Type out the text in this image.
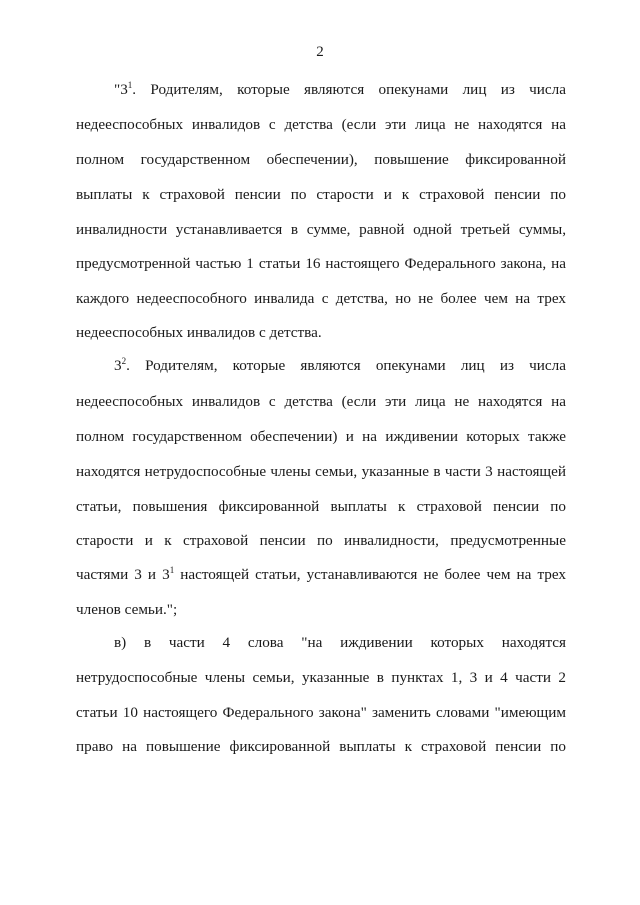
2
"$3^1$. Родителям, которые являются опекунами лиц из числа
недееспособных инвалидов с детства (если эти лица не находятся на
полном государственном обеспечении), повышение фиксированной
выплаты к страховой пенсии по старости и к страховой пенсии по
инвалидности устанавливается в сумме, равной одной третьей суммы,
предусмотренной частью 1 статьи 16 настоящего Федерального закона, на
каждого недееспособного инвалида с детства, но не более чем на трех
недееспособных инвалидов с детства.
$3^2$. Родителям, которые являются опекунами лиц из числа
недееспособных инвалидов с детства (если эти лица не находятся на
полном государственном обеспечении) и на иждивении которых также
находятся нетрудоспособные члены семьи, указанные в части 3 настоящей
статьи, повышения фиксированной выплаты к страховой пенсии по
старости и к страховой пенсии по инвалидности, предусмотренные
частями 3 и $3^1$ настоящей статьи, устанавливаются не более чем на трех
членов семьи.";
в) в части 4 слова "на иждивении которых находятся
нетрудоспособные члены семьи, указанные в пунктах 1, 3 и 4 части 2
статьи 10 настоящего Федерального закона" заменить словами "имеющим
право на повышение фиксированной выплаты к страховой пенсии по
